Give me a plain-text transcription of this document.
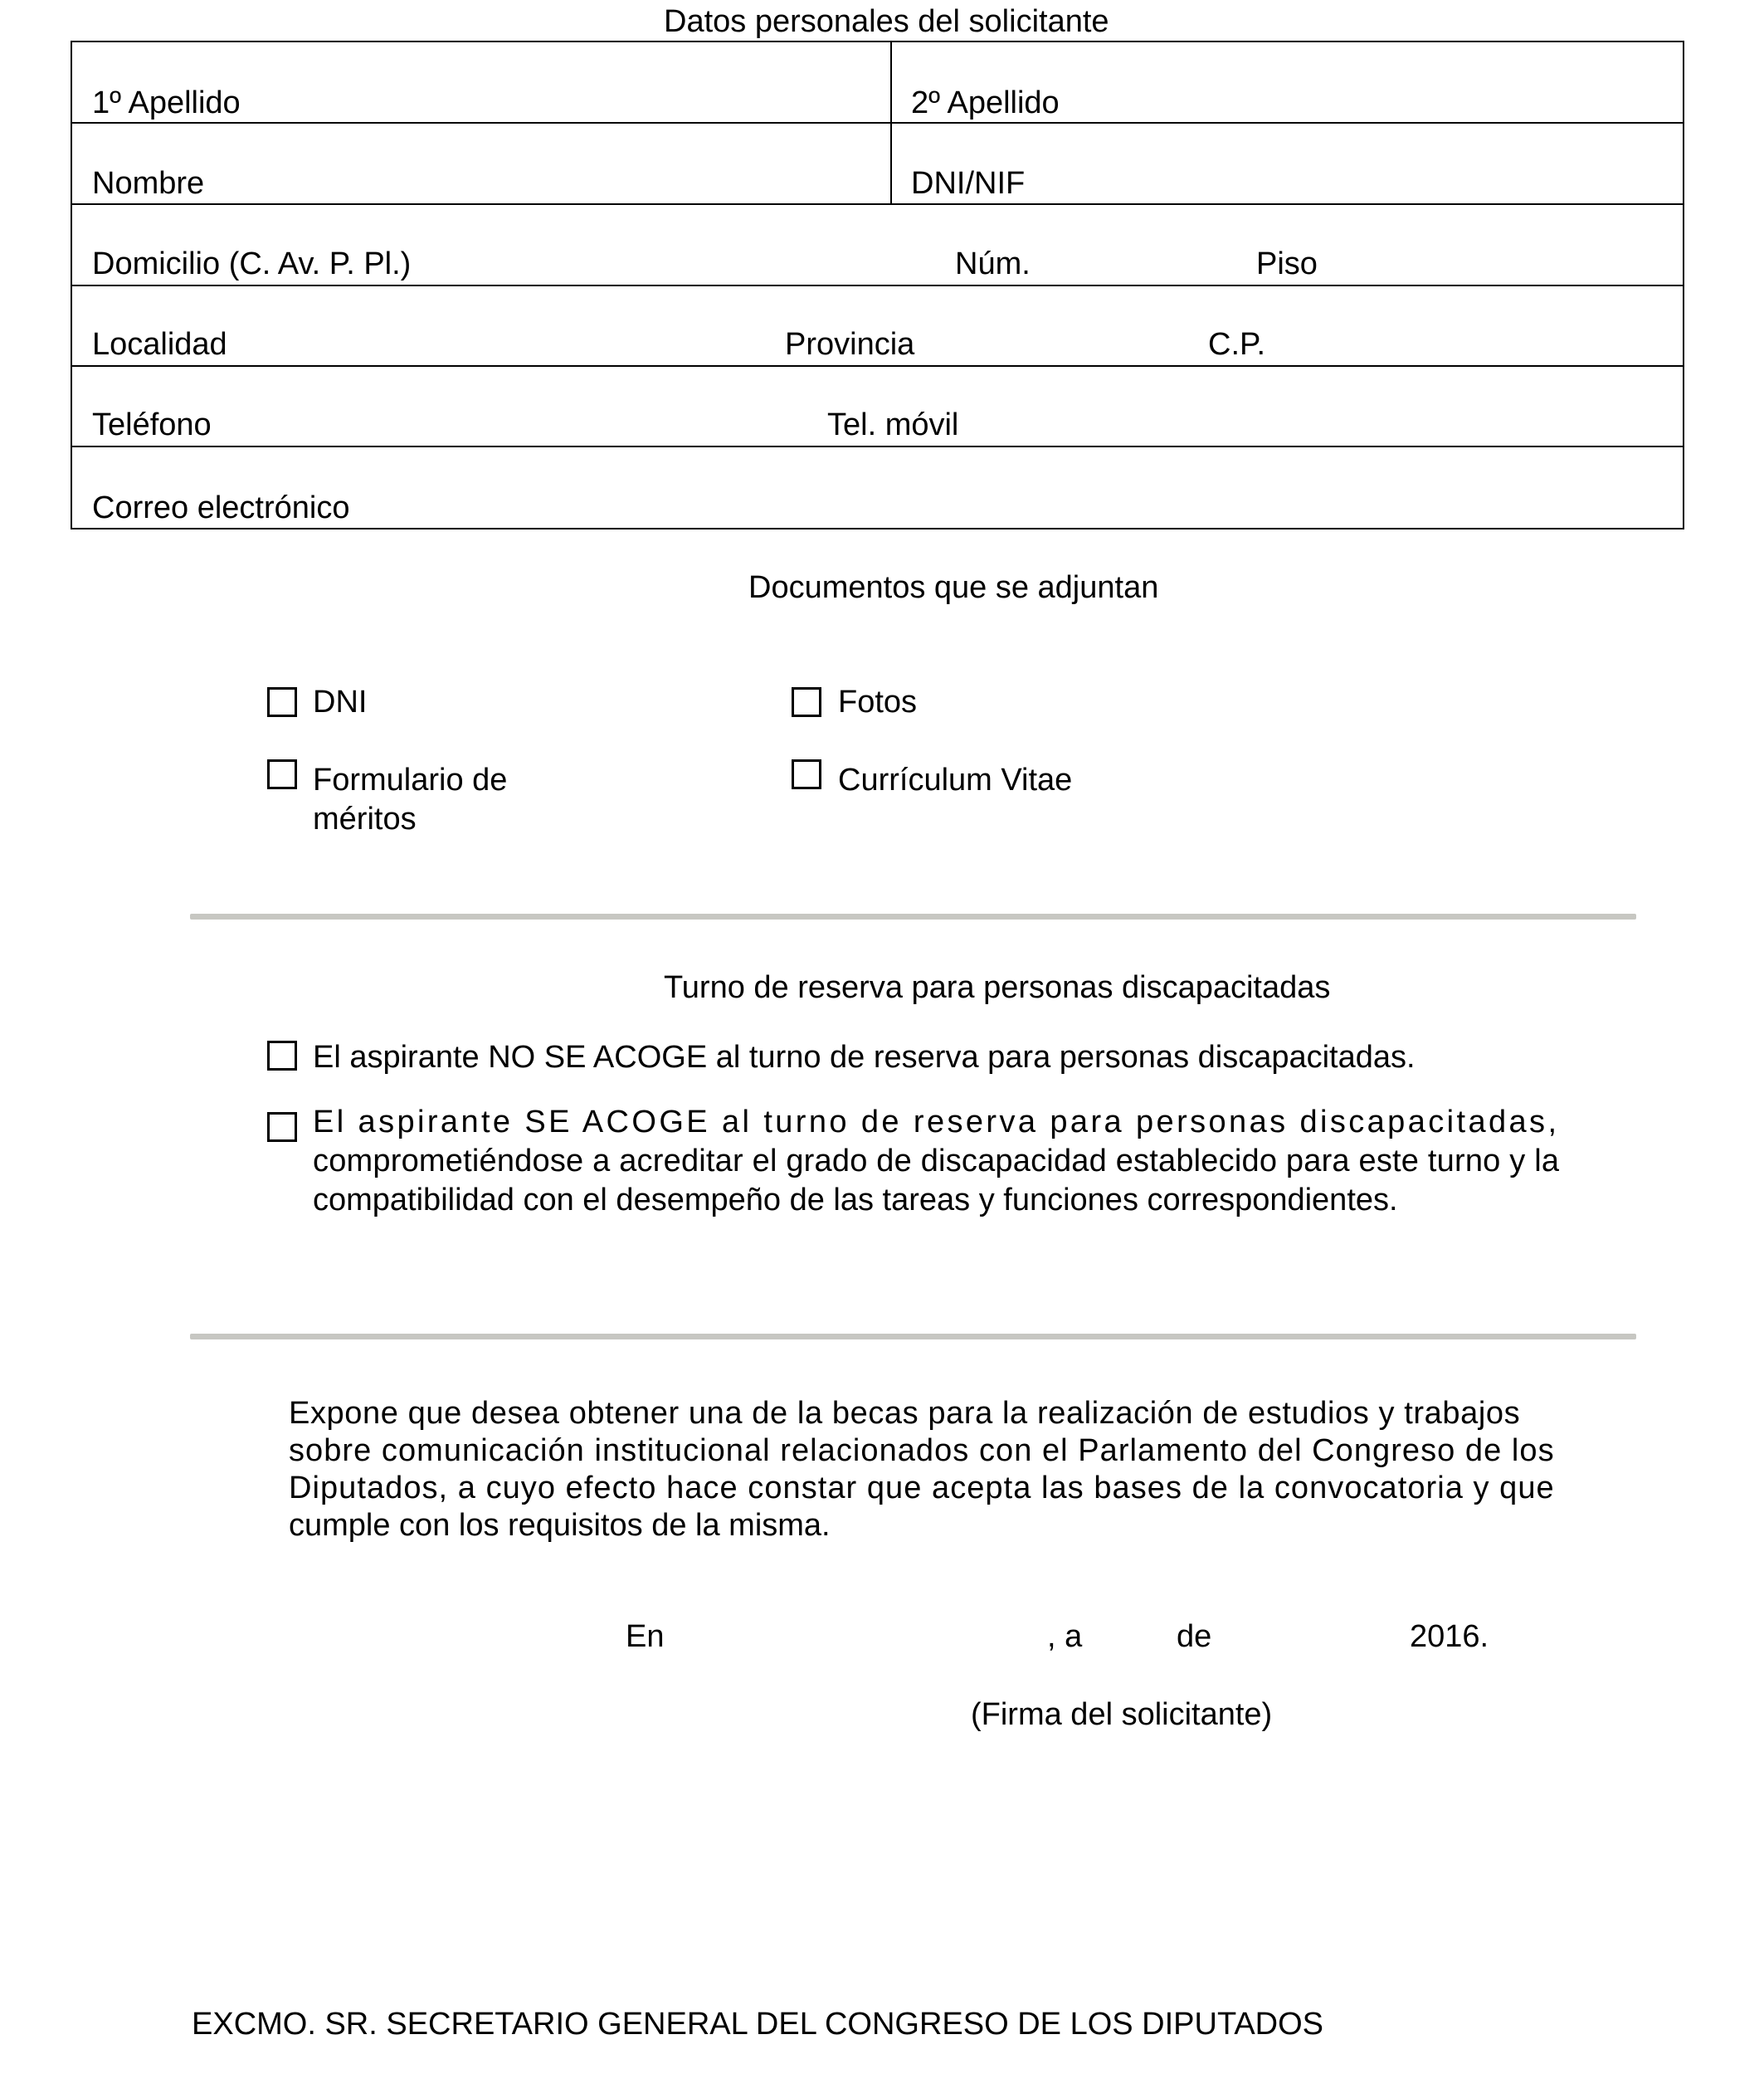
Datos personales del solicitante
1º Apellido	2º Apellido
Nombre	DNI/NIF
Domicilio (C. Av. P. Pl.)	Núm.	Piso
Localidad	Provincia	C.P.
Teléfono	Tel. móvil
Correo electrónico
Documentos que se adjuntan
DNI	Fotos
Formulario de
méritos
Currículum Vitae
Turno de reserva para personas discapacitadas
El aspirante NO SE ACOGE al turno de reserva para personas discapacitadas.
El aspirante SE ACOGE al turno de reserva para personas discapacitadas,
comprometiéndose a acreditar el grado de discapacidad establecido para este turno y la
compatibilidad con el desempeño de las tareas y funciones correspondientes.
Expone que desea obtener una de la becas para la realización de estudios y trabajos
sobre comunicación institucional relacionados con el Parlamento del Congreso de los
Diputados, a cuyo efecto hace constar que acepta las bases de la convocatoria y que
cumple con los requisitos de la misma.
En	, a	de	2016.
(Firma del solicitante)
EXCMO. SR. SECRETARIO GENERAL DEL CONGRESO DE LOS DIPUTADOS
